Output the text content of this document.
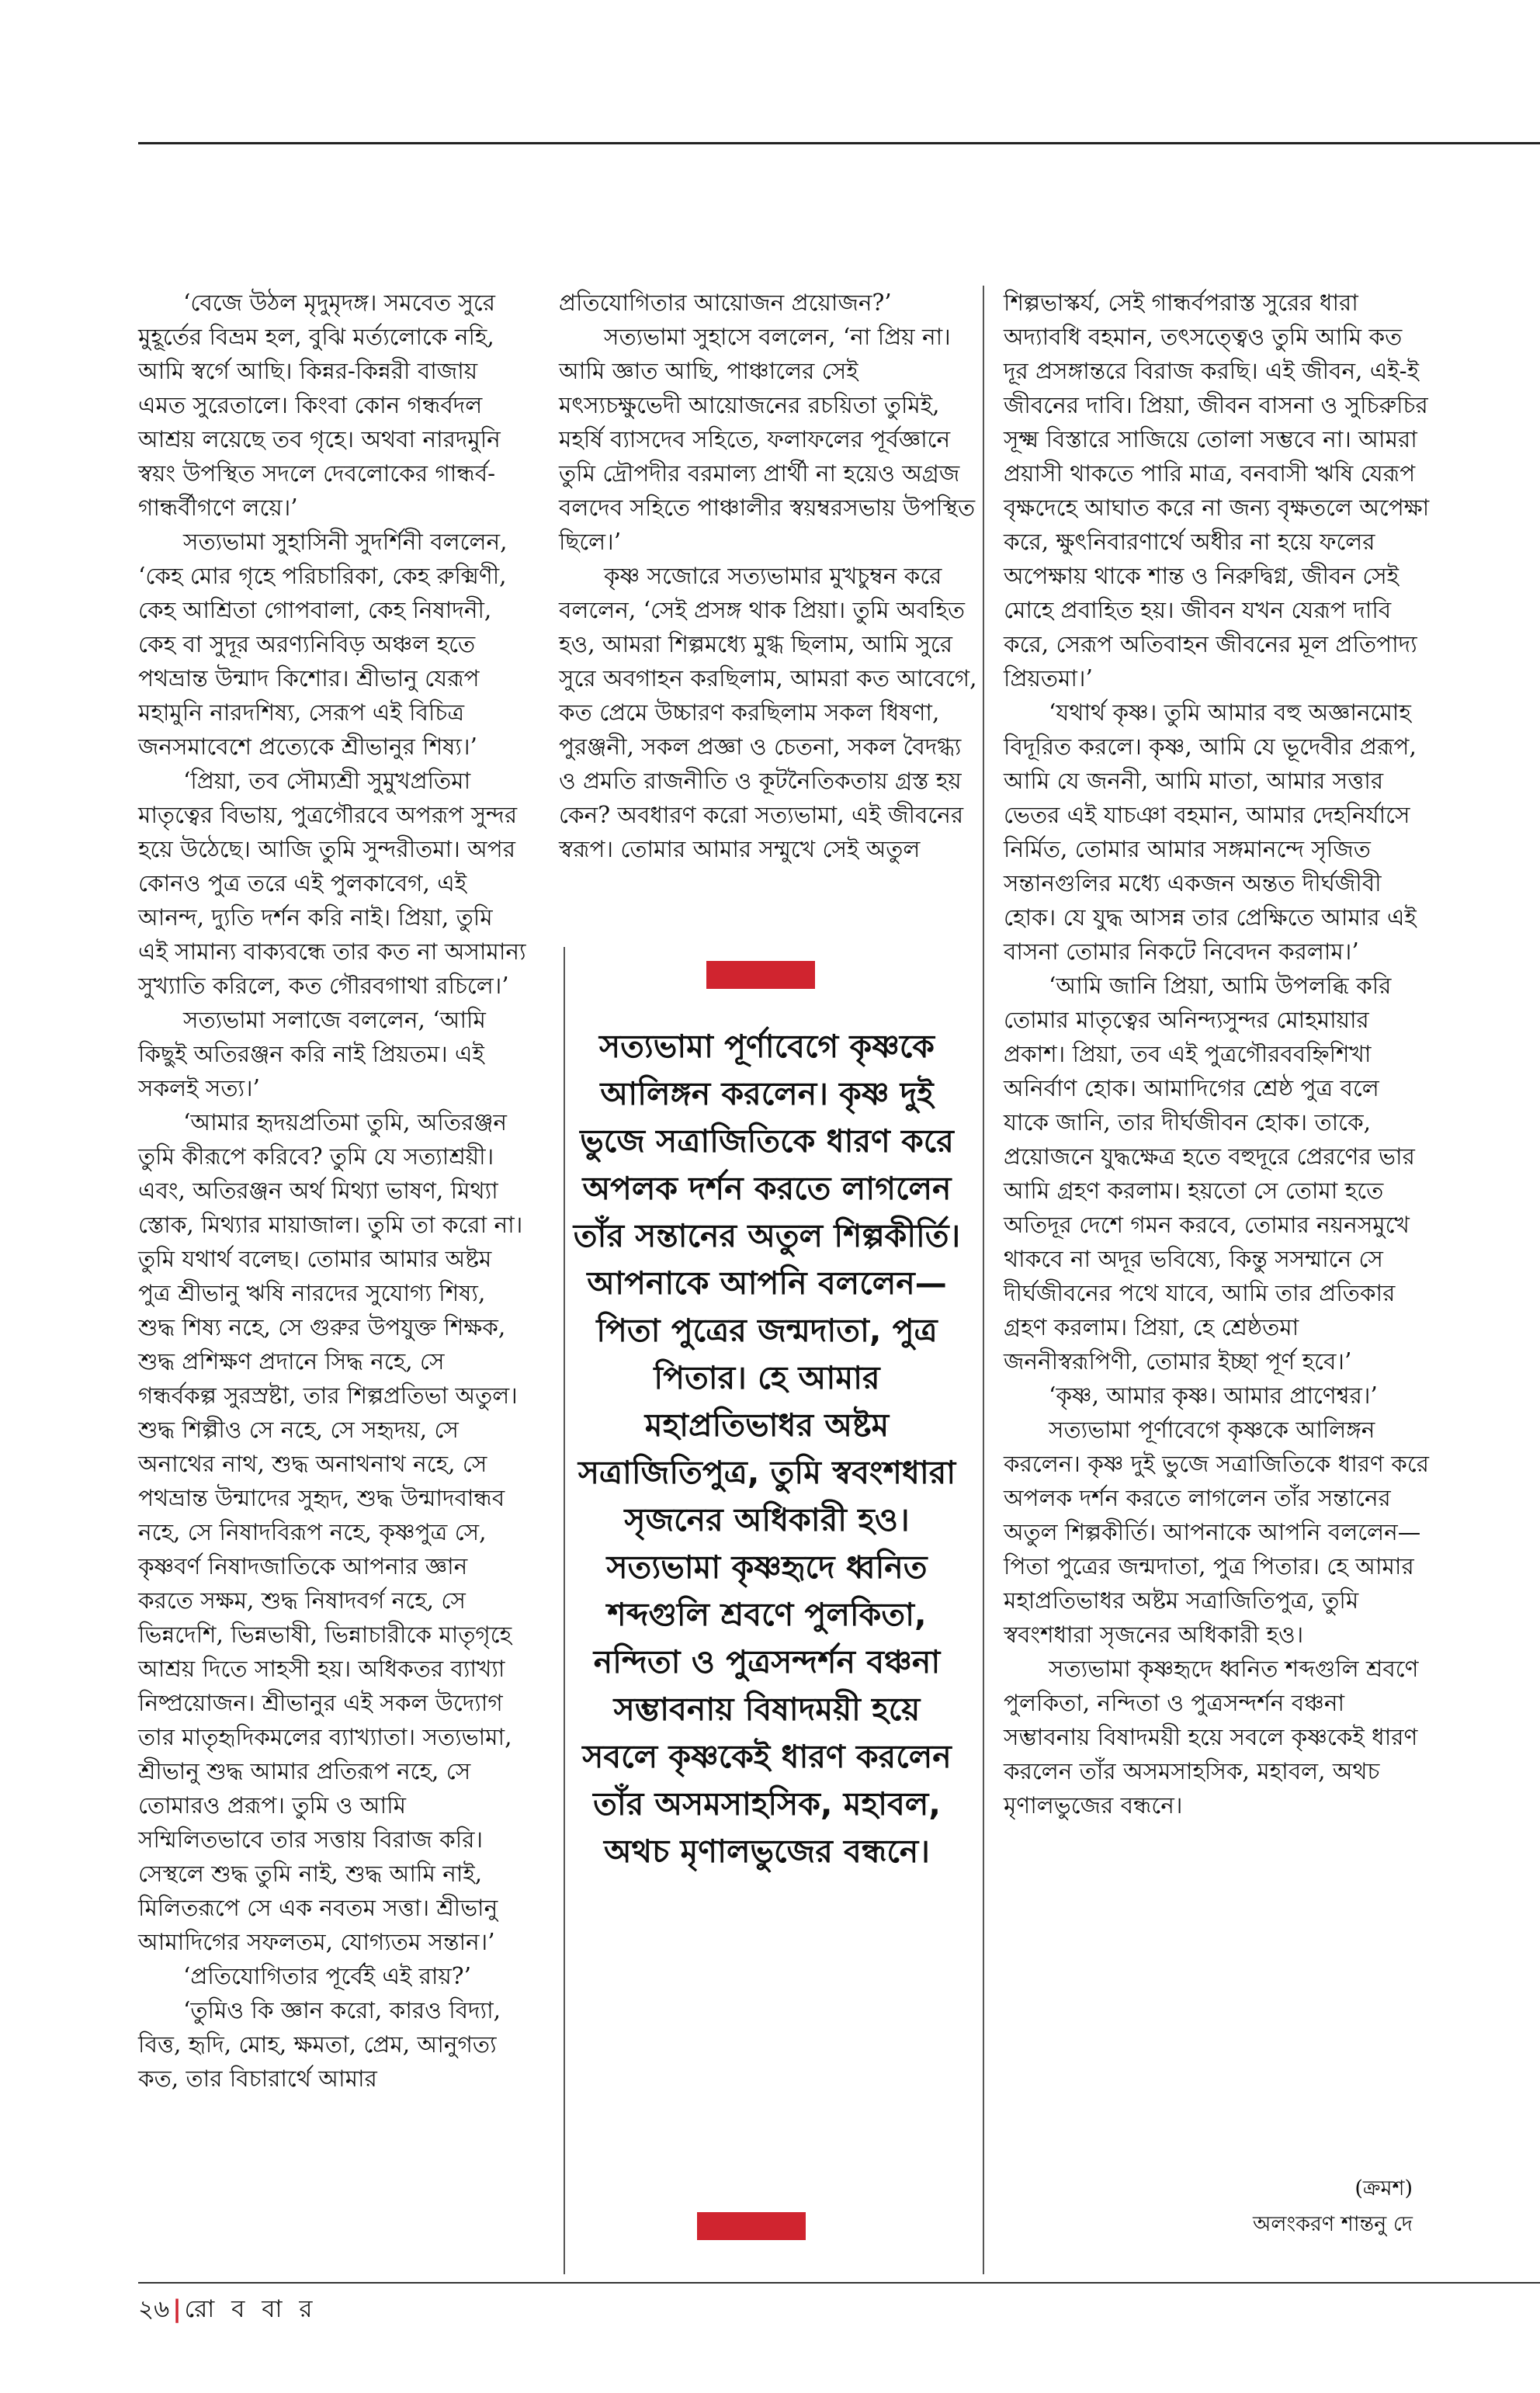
‘বেজে উঠল মৃদুমৃদঙ্গ। সমবেত সুরে মুহূর্তের বিভ্রম হল, বুঝি মর্ত্যলোকে নহি, আমি স্বর্গে আছি। কিন্নর-কিন্নরী বাজায় এমত সুরেতালে। কিংবা কোন গন্ধর্বদল আশ্রয় লয়েছে তব গৃহে। অথবা নারদমুনি স্বয়ং উপস্থিত সদলে দেবলোকের গান্ধর্ব-গান্ধর্বীগণে লয়ে।’

সত্যভামা সুহাসিনী সুদর্শিনী বললেন, ‘কেহ মোর গৃহে পরিচারিকা, কেহ রুক্মিণী, কেহ আশ্রিতা গোপবালা, কেহ নিষাদনী, কেহ বা সুদূর অরণ্যনিবিড় অঞ্চল হতে পথভ্রান্ত উন্মাদ কিশোর। শ্রীভানু যেরূপ মহামুনি নারদশিষ্য, সেরূপ এই বিচিত্র জনসমাবেশে প্রত্যেকে শ্রীভানুর শিষ্য।’

‘প্রিয়া, তব সৌম্যশ্রী সুমুখপ্রতিমা মাতৃত্বের বিভায়, পুত্রগৌরবে অপরূপ সুন্দর হয়ে উঠেছে। আজি তুমি সুন্দরীতমা। অপর কোনও পুত্র তরে এই পুলকাবেগ, এই আনন্দ, দ্যুতি দর্শন করি নাই। প্রিয়া, তুমি এই সামান্য বাক্যবন্ধে তার কত না অসামান্য সুখ্যাতি করিলে, কত গৌরবগাথা রচিলে।’

সত্যভামা সলাজে বললেন, ‘আমি কিছুই অতিরঞ্জন করি নাই প্রিয়তম। এই সকলই সত্য।’

‘আমার হৃদয়প্রতিমা তুমি, অতিরঞ্জন তুমি কীরূপে করিবে? তুমি যে সত্যাশ্রয়ী। এবং, অতিরঞ্জন অর্থ মিথ্যা ভাষণ, মিথ্যা স্তোক, মিথ্যার মায়াজাল। তুমি তা করো না। তুমি যথার্থ বলেছ। তোমার আমার অষ্টম পুত্র শ্রীভানু ঋষি নারদের সুযোগ্য শিষ্য, শুদ্ধ শিষ্য নহে, সে গুরুর উপযুক্ত শিক্ষক, শুদ্ধ প্রশিক্ষণ প্রদানে সিদ্ধ নহে, সে গন্ধর্বকল্প সুরস্রষ্টা, তার শিল্পপ্রতিভা অতুল। শুদ্ধ শিল্পীও সে নহে, সে সহৃদয়, সে অনাথের নাথ, শুদ্ধ অনাথনাথ নহে, সে পথভ্রান্ত উন্মাদের সুহৃদ, শুদ্ধ উন্মাদবান্ধব নহে, সে নিষাদবিরূপ নহে, কৃষ্ণপুত্র সে, কৃষ্ণবর্ণ নিষাদজাতিকে আপনার জ্ঞান করতে সক্ষম, শুদ্ধ নিষাদবর্গ নহে, সে ভিন্নদেশি, ভিন্নভাষী, ভিন্নাচারীকে মাতৃগৃহে আশ্রয় দিতে সাহসী হয়। অধিকতর ব্যাখ্যা নিষ্প্রয়োজন। শ্রীভানুর এই সকল উদ্যোগ তার মাতৃহৃদিকমলের ব্যাখ্যাতা। সত্যভামা, শ্রীভানু শুদ্ধ আমার প্রতিরূপ নহে, সে তোমারও প্ররূপ। তুমি ও আমি সম্মিলিতভাবে তার সত্তায় বিরাজ করি। সেস্থলে শুদ্ধ তুমি নাই, শুদ্ধ আমি নাই, মিলিতরূপে সে এক নবতম সত্তা। শ্রীভানু আমাদিগের সফলতম, যোগ্যতম সন্তান।’

‘প্রতিযোগিতার পূর্বেই এই রায়?’

‘তুমিও কি জ্ঞান করো, কারও বিদ্যা, বিত্ত, হৃদি, মোহ, ক্ষমতা, প্রেম, আনুগত্য কত, তার বিচারার্থে আমার

প্রতিযোগিতার আয়োজন প্রয়োজন?’

সত্যভামা সুহাসে বললেন, ‘না প্রিয় না। আমি জ্ঞাত আছি, পাঞ্চালের সেই মৎস্যচক্ষুভেদী আয়োজনের রচয়িতা তুমিই, মহর্ষি ব্যাসদেব সহিতে, ফলাফলের পূর্বজ্ঞানে তুমি দ্রৌপদীর বরমাল্য প্রার্থী না হয়েও অগ্রজ বলদেব সহিতে পাঞ্চালীর স্বয়ম্বরসভায় উপস্থিত ছিলে।’

কৃষ্ণ সজোরে সত্যভামার মুখচুম্বন করে বললেন, ‘সেই প্রসঙ্গ থাক প্রিয়া। তুমি অবহিত হও, আমরা শিল্পমধ্যে মুগ্ধ ছিলাম, আমি সুরে সুরে অবগাহন করছিলাম, আমরা কত আবেগে, কত প্রেমে উচ্চারণ করছিলাম সকল ধিষণা, পুরঞ্জনী, সকল প্রজ্ঞা ও চেতনা, সকল বৈদগ্ধ্য ও প্রমতি রাজনীতি ও কূটনৈতিকতায় গ্রস্ত হয় কেন? অবধারণ করো সত্যভামা, এই জীবনের স্বরূপ। তোমার আমার সম্মুখে সেই অতুল

সত্যভামা পূর্ণাবেগে কৃষ্ণকে আলিঙ্গন করলেন। কৃষ্ণ দুই ভুজে সত্রাজিতিকে ধারণ করে অপলক দর্শন করতে লাগলেন তাঁর সন্তানের অতুল শিল্পকীর্তি। আপনাকে আপনি বললেন— পিতা পুত্রের জন্মদাতা, পুত্র পিতার। হে আমার মহাপ্রতিভাধর অষ্টম সত্রাজিতিপুত্র, তুমি স্ববংশধারা সৃজনের অধিকারী হও। সত্যভামা কৃষ্ণহৃদে ধ্বনিত শব্দগুলি শ্রবণে পুলকিতা, নন্দিতা ও পুত্রসন্দর্শন বঞ্চনা সম্ভাবনায় বিষাদময়ী হয়ে সবলে কৃষ্ণকেই ধারণ করলেন তাঁর অসমসাহসিক, মহাবল, অথচ মৃণালভুজের বন্ধনে।

শিল্পভাস্কর্য, সেই গান্ধর্বপরাস্ত সুরের ধারা অদ্যাবধি বহমান, তৎসত্ত্বেও তুমি আমি কত দূর প্রসঙ্গান্তরে বিরাজ করছি। এই জীবন, এই-ই জীবনের দাবি। প্রিয়া, জীবন বাসনা ও সুচিরুচির সূক্ষ্ম বিস্তারে সাজিয়ে তোলা সম্ভবে না। আমরা প্রয়াসী থাকতে পারি মাত্র, বনবাসী ঋষি যেরূপ বৃক্ষদেহে আঘাত করে না জন্য বৃক্ষতলে অপেক্ষা করে, ক্ষুৎনিবারণার্থে অধীর না হয়ে ফলের অপেক্ষায় থাকে শান্ত ও নিরুদ্বিগ্ন, জীবন সেই মোহে প্রবাহিত হয়। জীবন যখন যেরূপ দাবি করে, সেরূপ অতিবাহন জীবনের মূল প্রতিপাদ্য প্রিয়তমা।’

‘যথার্থ কৃষ্ণ। তুমি আমার বহু অজ্ঞানমোহ বিদূরিত করলে। কৃষ্ণ, আমি যে ভূদেবীর প্ররূপ, আমি যে জননী, আমি মাতা, আমার সত্তার ভেতর এই যাচঞা বহমান, আমার দেহনির্যাসে নির্মিত, তোমার আমার সঙ্গমানন্দে সৃজিত সন্তানগুলির মধ্যে একজন অন্তত দীর্ঘজীবী হোক। যে যুদ্ধ আসন্ন তার প্রেক্ষিতে আমার এই বাসনা তোমার নিকটে নিবেদন করলাম।’

‘আমি জানি প্রিয়া, আমি উপলব্ধি করি তোমার মাতৃত্বের অনিন্দ্যসুন্দর মোহমায়ার প্রকাশ। প্রিয়া, তব এই পুত্রগৌরববহ্নিশিখা অনির্বাণ হোক। আমাদিগের শ্রেষ্ঠ পুত্র বলে যাকে জানি, তার দীর্ঘজীবন হোক। তাকে, প্রয়োজনে যুদ্ধক্ষেত্র হতে বহুদূরে প্রেরণের ভার আমি গ্রহণ করলাম। হয়তো সে তোমা হতে অতিদূর দেশে গমন করবে, তোমার নয়নসমুখে থাকবে না অদূর ভবিষ্যে, কিন্তু সসম্মানে সে দীর্ঘজীবনের পথে যাবে, আমি তার প্রতিকার গ্রহণ করলাম। প্রিয়া, হে শ্রেষ্ঠতমা জননীস্বরূপিণী, তোমার ইচ্ছা পূর্ণ হবে।’

‘কৃষ্ণ, আমার কৃষ্ণ। আমার প্রাণেশ্বর।’

সত্যভামা পূর্ণাবেগে কৃষ্ণকে আলিঙ্গন করলেন। কৃষ্ণ দুই ভুজে সত্রাজিতিকে ধারণ করে অপলক দর্শন করতে লাগলেন তাঁর সন্তানের অতুল শিল্পকীর্তি। আপনাকে আপনি বললেন— পিতা পুত্রের জন্মদাতা, পুত্র পিতার। হে আমার মহাপ্রতিভাধর অষ্টম সত্রাজিতিপুত্র, তুমি স্ববংশধারা সৃজনের অধিকারী হও।

সত্যভামা কৃষ্ণহৃদে ধ্বনিত শব্দগুলি শ্রবণে পুলকিতা, নন্দিতা ও পুত্রসন্দর্শন বঞ্চনা সম্ভাবনায় বিষাদময়ী হয়ে সবলে কৃষ্ণকেই ধারণ করলেন তাঁর অসমসাহসিক, মহাবল, অথচ মৃণালভুজের বন্ধনে।

(ক্রমশ)
অলংকরণ শান্তনু দে
২৬ | রো ব বা র
